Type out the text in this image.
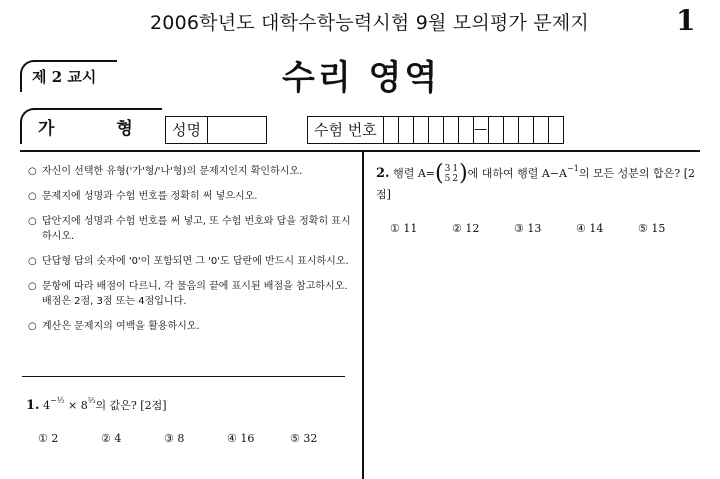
2006학년도 대학수학능력시험 9월 모의평가 문제지	1
제 2 교시	수리 영역
가 형 성명	수험 번호	—
○ 자신이 선택한 유형('가'형/'나'형)의 문제지인지 확인하시오.
○ 문제지에 성명과 수험 번호를 정확히 써 넣으시오.
○ 답안지에 성명과 수험 번호를 써 넣고, 또 수험 번호와 답을 정확히 표시하시오.
○ 단답형 답의 숫자에 '0'이 포함되면 그 '0'도 답란에 반드시 표시하시오.
○ 문항에 따라 배점이 다르니, 각 물음의 끝에 표시된 배점을 참고하시오. 배점은 2점, 3점 또는 4점입니다.
○ 계산은 문제지의 여백을 활용하시오.
1. $4^{-\frac{1}{2}} \times 8^{\frac{2}{3}}$의 값은? [2점]
① 2	② 4	③ 8	④ 16	⑤ 32
2. 행렬 A= ( 3
5
1
2 ) 에 대하여 행렬 $A-A^{-1}$의 모든 성분의 합은? [2점]
① 11	② 12	③ 13	④ 14	⑤ 15
